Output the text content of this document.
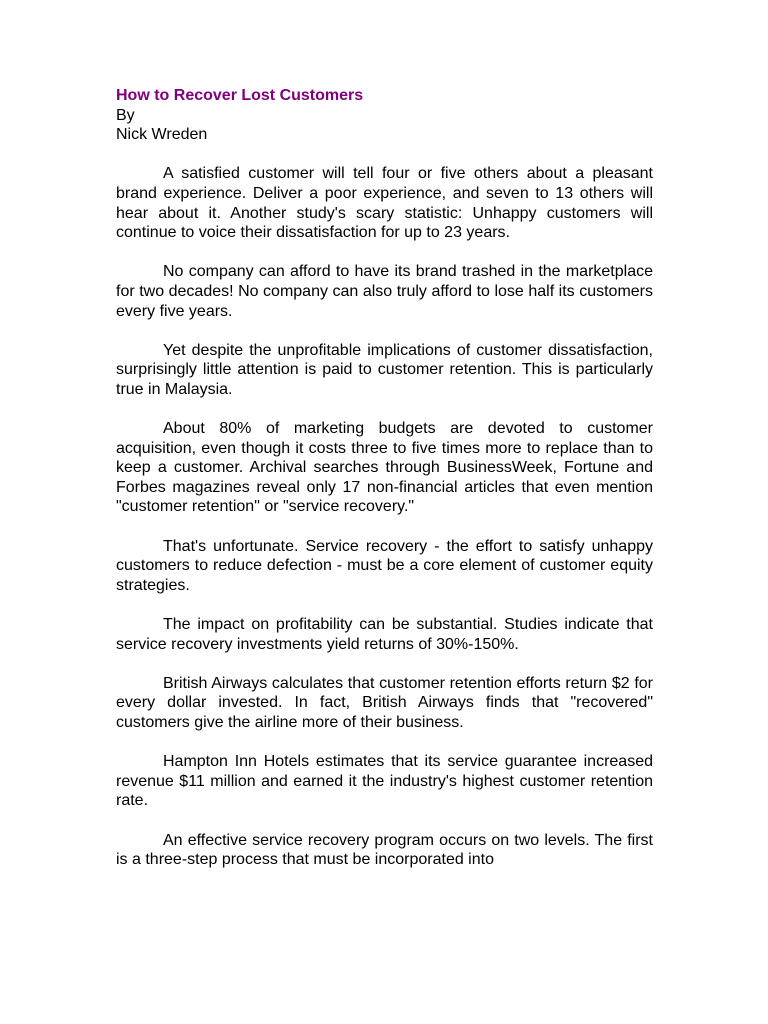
How to Recover Lost Customers

By

Nick Wreden

A satisfied customer will tell four or five others about a pleasant brand experience. Deliver a poor experience, and seven to 13 others will hear about it. Another study's scary statistic: Unhappy customers will continue to voice their dissatisfaction for up to 23 years.

No company can afford to have its brand trashed in the marketplace for two decades! No company can also truly afford to lose half its customers every five years.

Yet despite the unprofitable implications of customer dissatisfaction, surprisingly little attention is paid to customer retention. This is particularly true in Malaysia.

About 80% of marketing budgets are devoted to customer acquisition, even though it costs three to five times more to replace than to keep a customer. Archival searches through BusinessWeek, Fortune and Forbes magazines reveal only 17 non-financial articles that even mention "customer retention" or "service recovery."

That's unfortunate. Service recovery - the effort to satisfy unhappy customers to reduce defection - must be a core element of customer equity strategies.

The impact on profitability can be substantial. Studies indicate that service recovery investments yield returns of 30%-150%.

British Airways calculates that customer retention efforts return $2 for every dollar invested. In fact, British Airways finds that "recovered" customers give the airline more of their business.

Hampton Inn Hotels estimates that its service guarantee increased revenue $11 million and earned it the industry's highest customer retention rate.

An effective service recovery program occurs on two levels. The first is a three-step process that must be incorporated into
